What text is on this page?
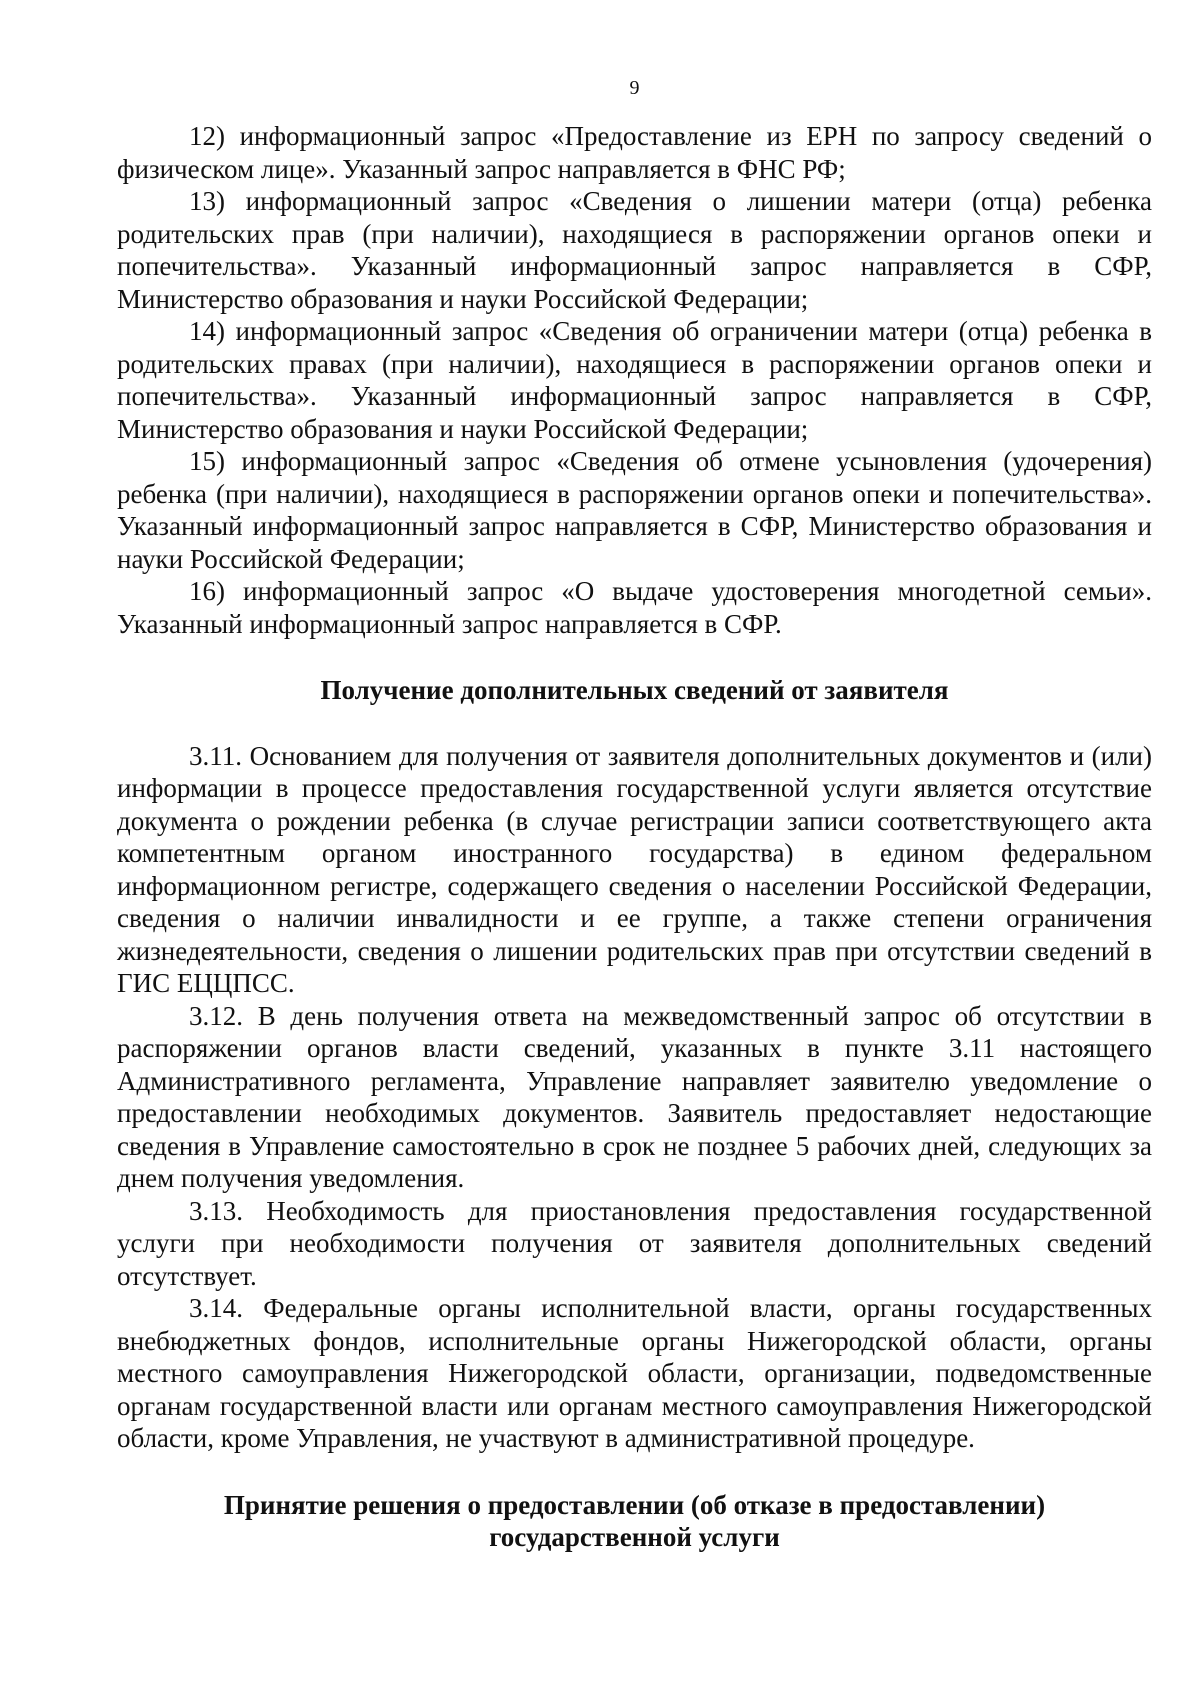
9

12) информационный запрос «Предоставление из ЕРН по запросу сведений о физическом лице». Указанный запрос направляется в ФНС РФ;

13) информационный запрос «Сведения о лишении матери (отца) ребенка родительских прав (при наличии), находящиеся в распоряжении органов опеки и попечительства». Указанный информационный запрос направляется в СФР, Министерство образования и науки Российской Федерации;

14) информационный запрос «Сведения об ограничении матери (отца) ребенка в родительских правах (при наличии), находящиеся в распоряжении органов опеки и попечительства». Указанный информационный запрос направляется в СФР, Министерство образования и науки Российской Федерации;

15) информационный запрос «Сведения об отмене усыновления (удочерения) ребенка (при наличии), находящиеся в распоряжении органов опеки и попечительства». Указанный информационный запрос направляется в СФР, Министерство образования и науки Российской Федерации;

16) информационный запрос «О выдаче удостоверения многодетной семьи». Указанный информационный запрос направляется в СФР.

Получение дополнительных сведений от заявителя

3.11. Основанием для получения от заявителя дополнительных документов и (или) информации в процессе предоставления государственной услуги является отсутствие документа о рождении ребенка (в случае регистрации записи соответствующего акта компетентным органом иностранного государства) в едином федеральном информационном регистре, содержащего сведения о населении Российской Федерации, сведения о наличии инвалидности и ее группе, а также степени ограничения жизнедеятельности, сведения о лишении родительских прав при отсутствии сведений в ГИС ЕЦЦПСС.

3.12. В день получения ответа на межведомственный запрос об отсутствии в распоряжении органов власти сведений, указанных в пункте 3.11 настоящего Административного регламента, Управление направляет заявителю уведомление о предоставлении необходимых документов. Заявитель предоставляет недостающие сведения в Управление самостоятельно в срок не позднее 5 рабочих дней, следующих за днем получения уведомления.

3.13. Необходимость для приостановления предоставления государственной услуги при необходимости получения от заявителя дополнительных сведений отсутствует.

3.14. Федеральные органы исполнительной власти, органы государственных внебюджетных фондов, исполнительные органы Нижегородской области, органы местного самоуправления Нижегородской области, организации, подведомственные органам государственной власти или органам местного самоуправления Нижегородской области, кроме Управления, не участвуют в административной процедуре.

Принятие решения о предоставлении (об отказе в предоставлении)
государственной услуги
